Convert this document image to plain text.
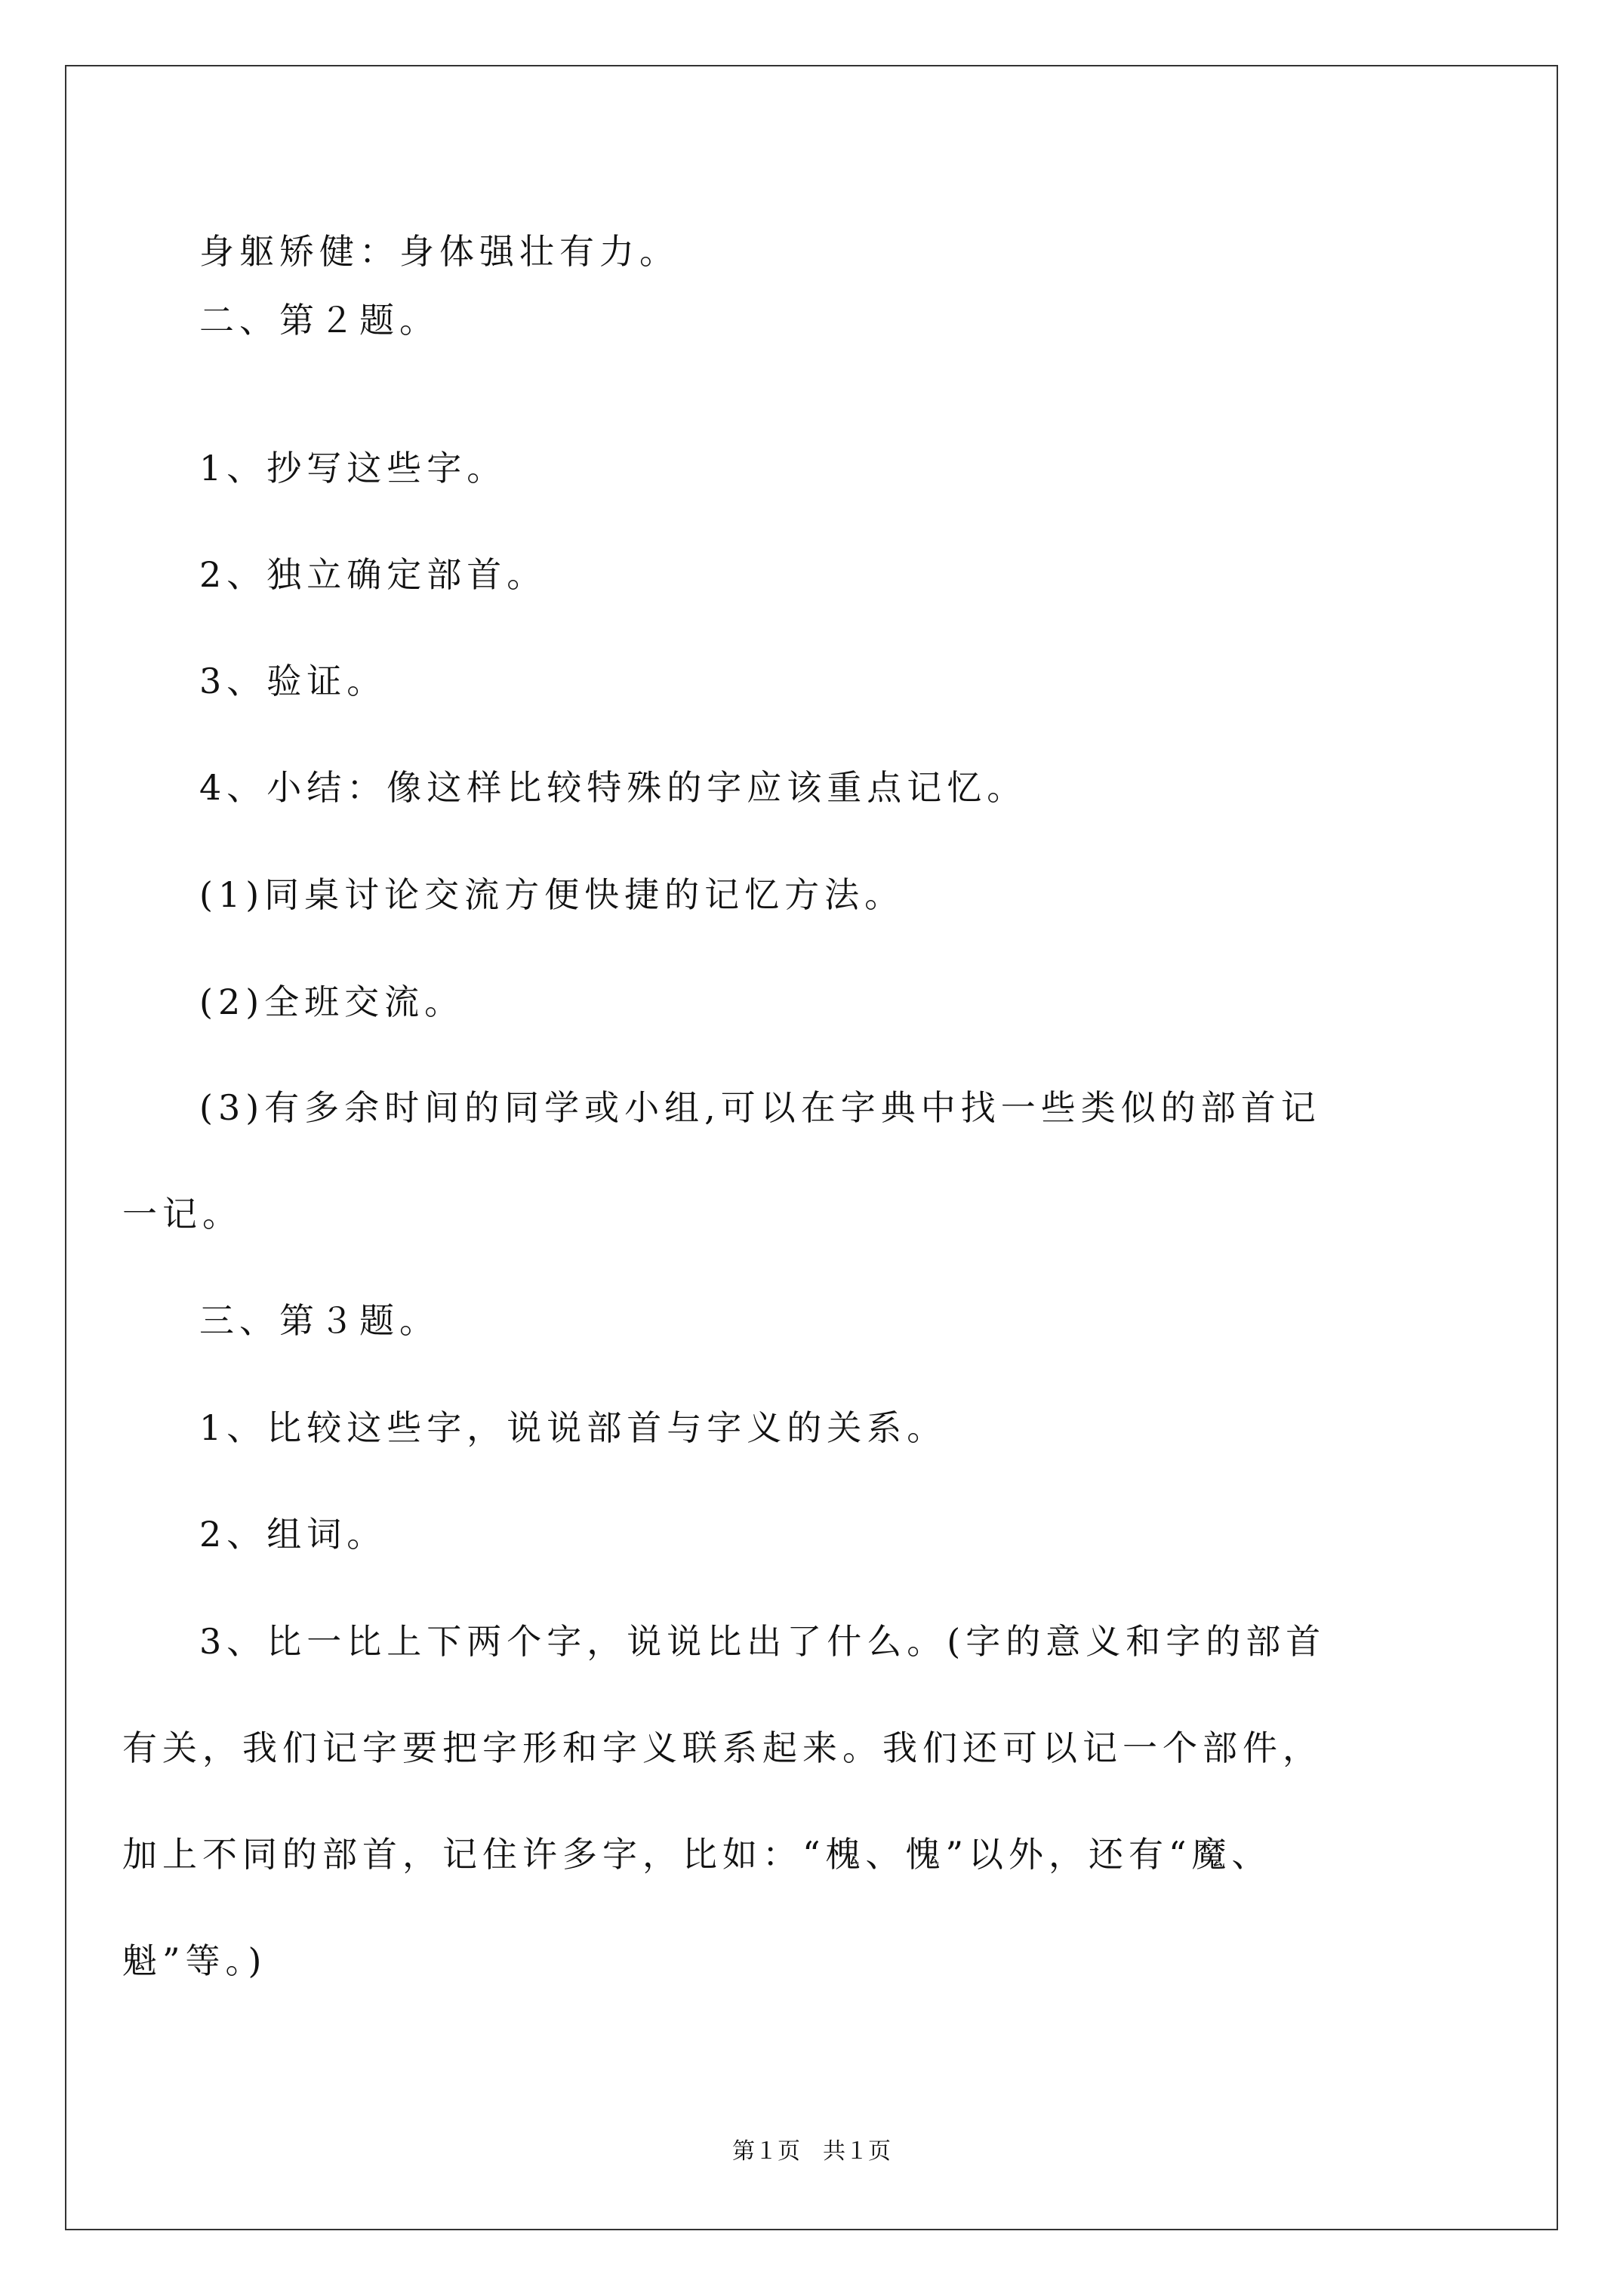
身躯矫健：身体强壮有力。
二、第２题。
1、抄写这些字。
2、独立确定部首。
3、验证。
4、小结：像这样比较特殊的字应该重点记忆。
(1)同桌讨论交流方便快捷的记忆方法。
(2)全班交流。
(3)有多余时间的同学或小组,可以在字典中找一些类似的部首记
一记。
三、第３题。
1、比较这些字，说说部首与字义的关系。
2、组词。
3、比一比上下两个字，说说比出了什么。(字的意义和字的部首
有关，我们记字要把字形和字义联系起来。我们还可以记一个部件，
加上不同的部首，记住许多字，比如：“槐、愧”以外，还有“魔、
魁”等。)
第１页　共１页
